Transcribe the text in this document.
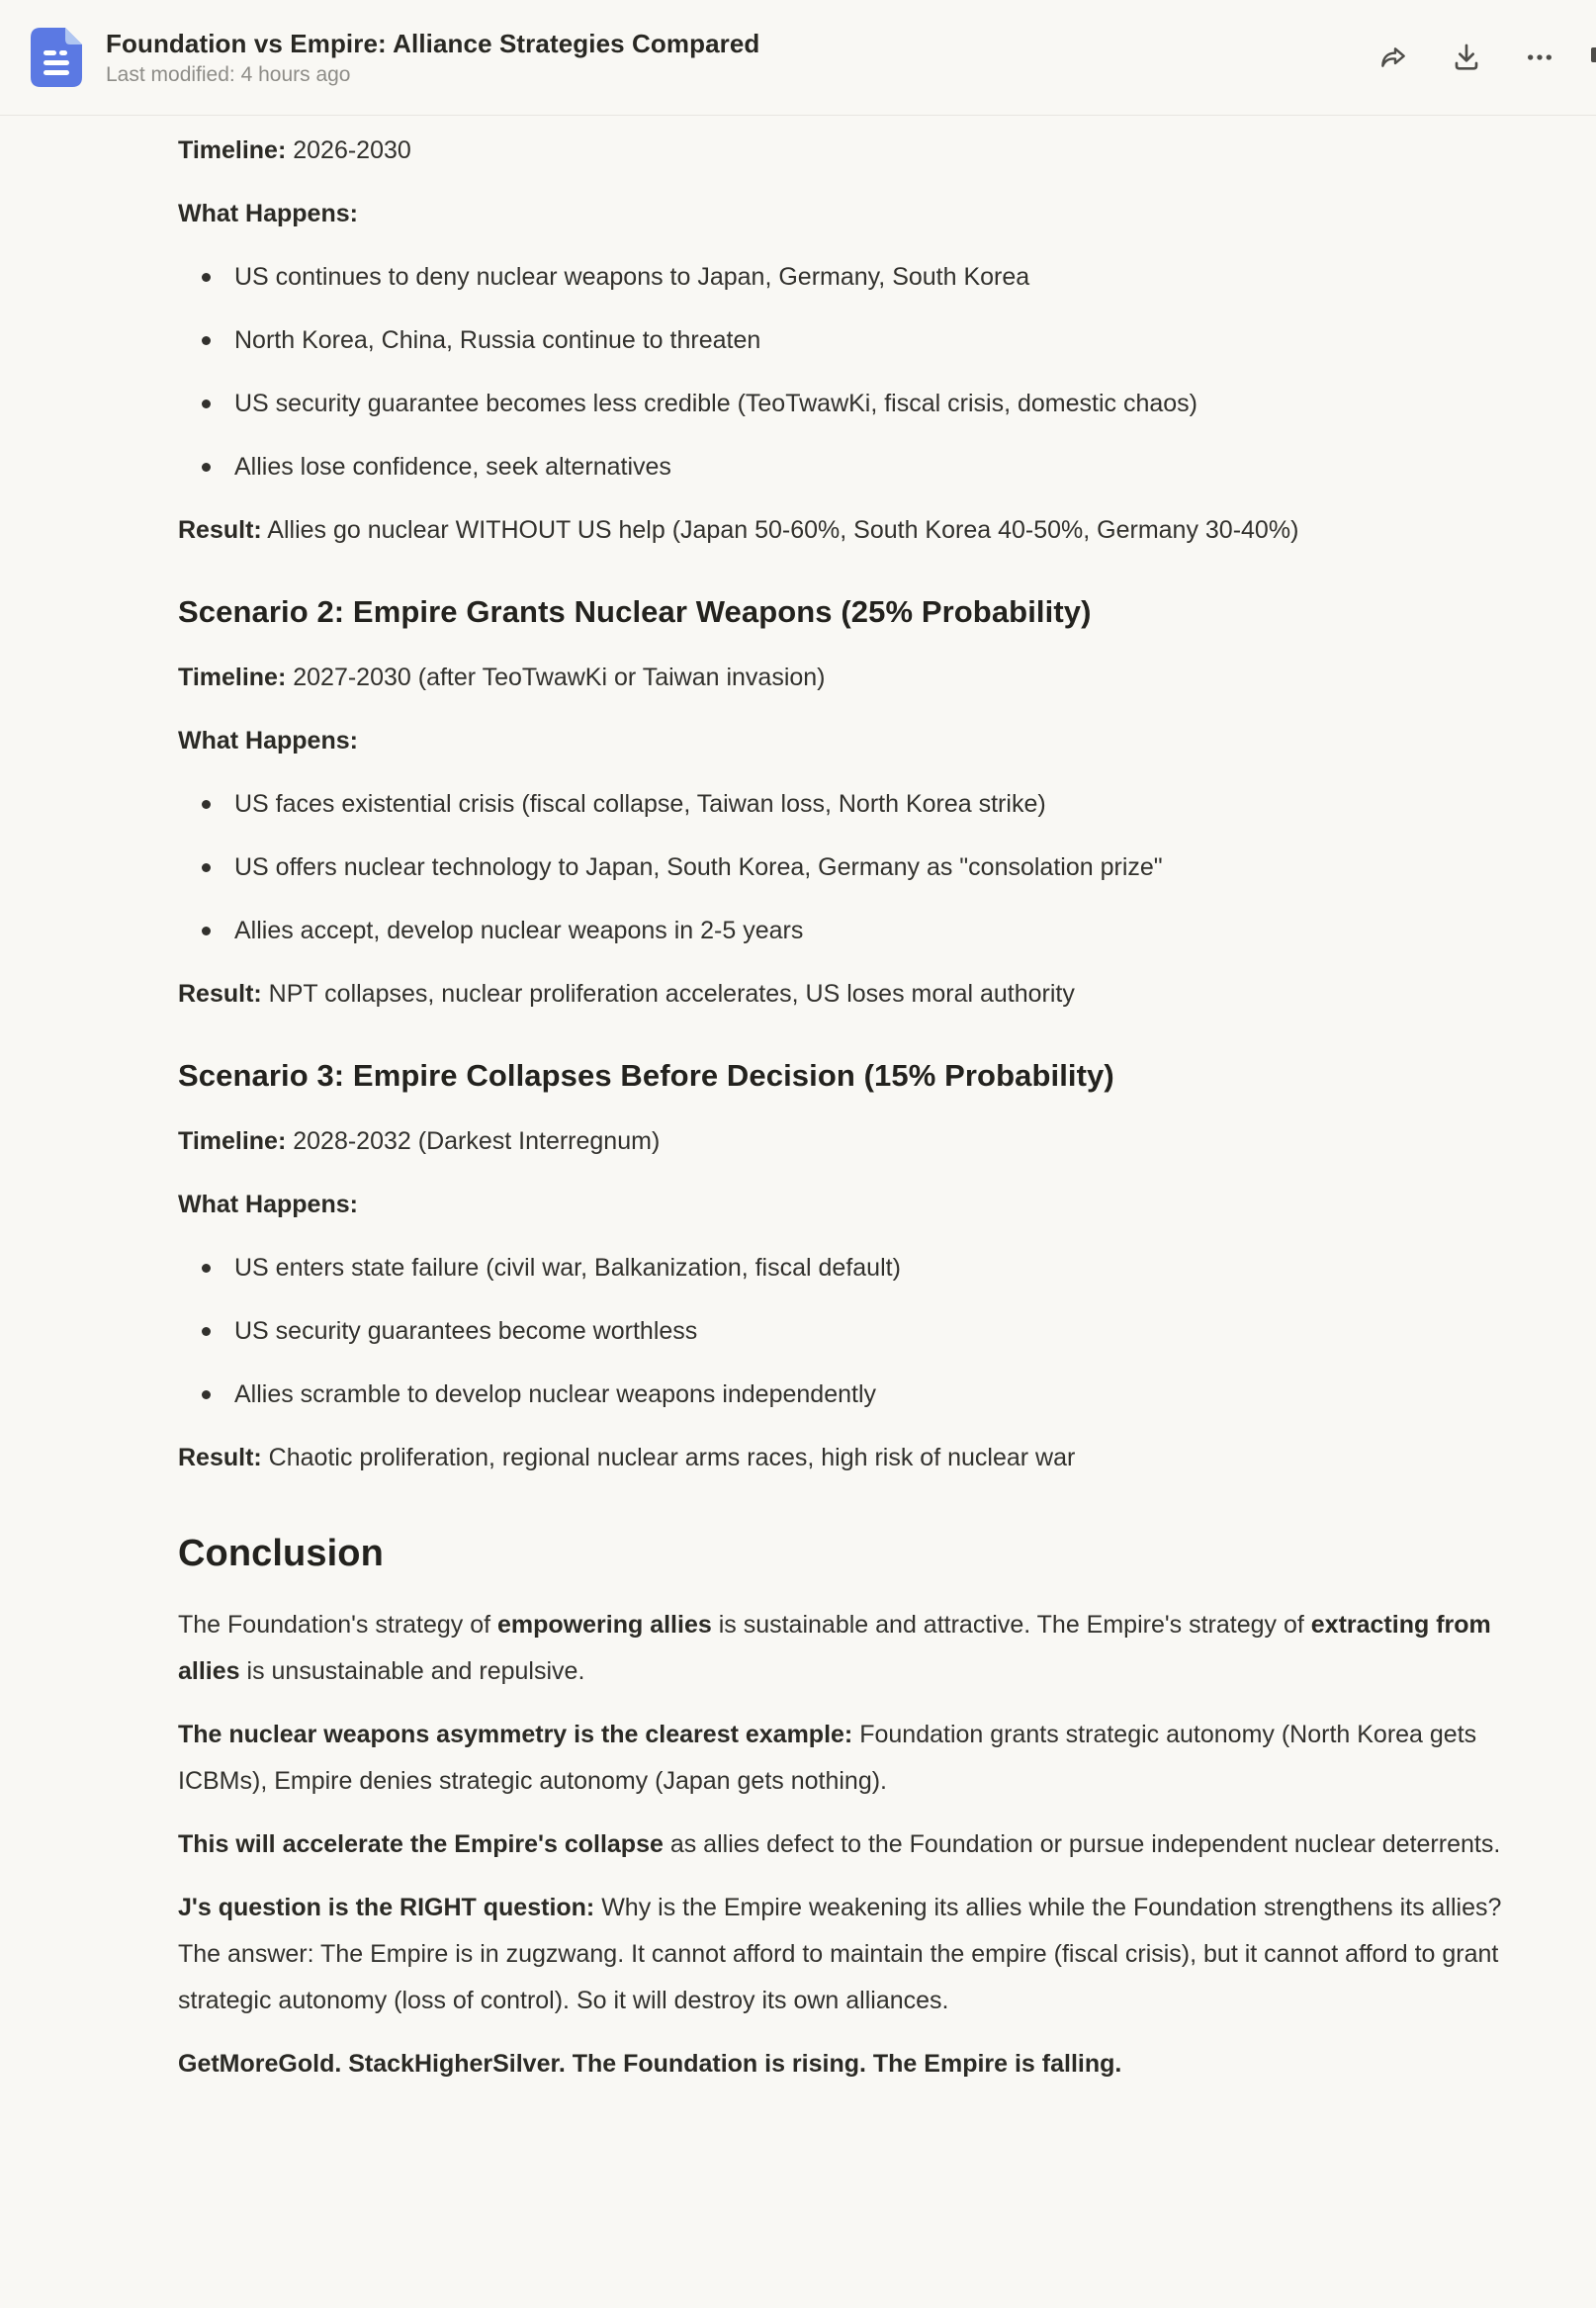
Foundation vs Empire: Alliance Strategies Compared
Last modified: 4 hours ago

Timeline: 2026-2030

What Happens:

US continues to deny nuclear weapons to Japan, Germany, South Korea
North Korea, China, Russia continue to threaten
US security guarantee becomes less credible (TeoTwawKi, fiscal crisis, domestic chaos)
Allies lose confidence, seek alternatives

Result: Allies go nuclear WITHOUT US help (Japan 50-60%, South Korea 40-50%, Germany 30-40%)

Scenario 2: Empire Grants Nuclear Weapons (25% Probability)

Timeline: 2027-2030 (after TeoTwawKi or Taiwan invasion)

What Happens:

US faces existential crisis (fiscal collapse, Taiwan loss, North Korea strike)
US offers nuclear technology to Japan, South Korea, Germany as "consolation prize"
Allies accept, develop nuclear weapons in 2-5 years

Result: NPT collapses, nuclear proliferation accelerates, US loses moral authority

Scenario 3: Empire Collapses Before Decision (15% Probability)

Timeline: 2028-2032 (Darkest Interregnum)

What Happens:

US enters state failure (civil war, Balkanization, fiscal default)
US security guarantees become worthless
Allies scramble to develop nuclear weapons independently

Result: Chaotic proliferation, regional nuclear arms races, high risk of nuclear war

Conclusion

The Foundation's strategy of empowering allies is sustainable and attractive. The Empire's strategy of extracting from allies is unsustainable and repulsive.

The nuclear weapons asymmetry is the clearest example: Foundation grants strategic autonomy (North Korea gets ICBMs), Empire denies strategic autonomy (Japan gets nothing).

This will accelerate the Empire's collapse as allies defect to the Foundation or pursue independent nuclear deterrents.

J's question is the RIGHT question: Why is the Empire weakening its allies while the Foundation strengthens its allies? The answer: The Empire is in zugzwang. It cannot afford to maintain the empire (fiscal crisis), but it cannot afford to grant strategic autonomy (loss of control). So it will destroy its own alliances.

GetMoreGold. StackHigherSilver. The Foundation is rising. The Empire is falling.
